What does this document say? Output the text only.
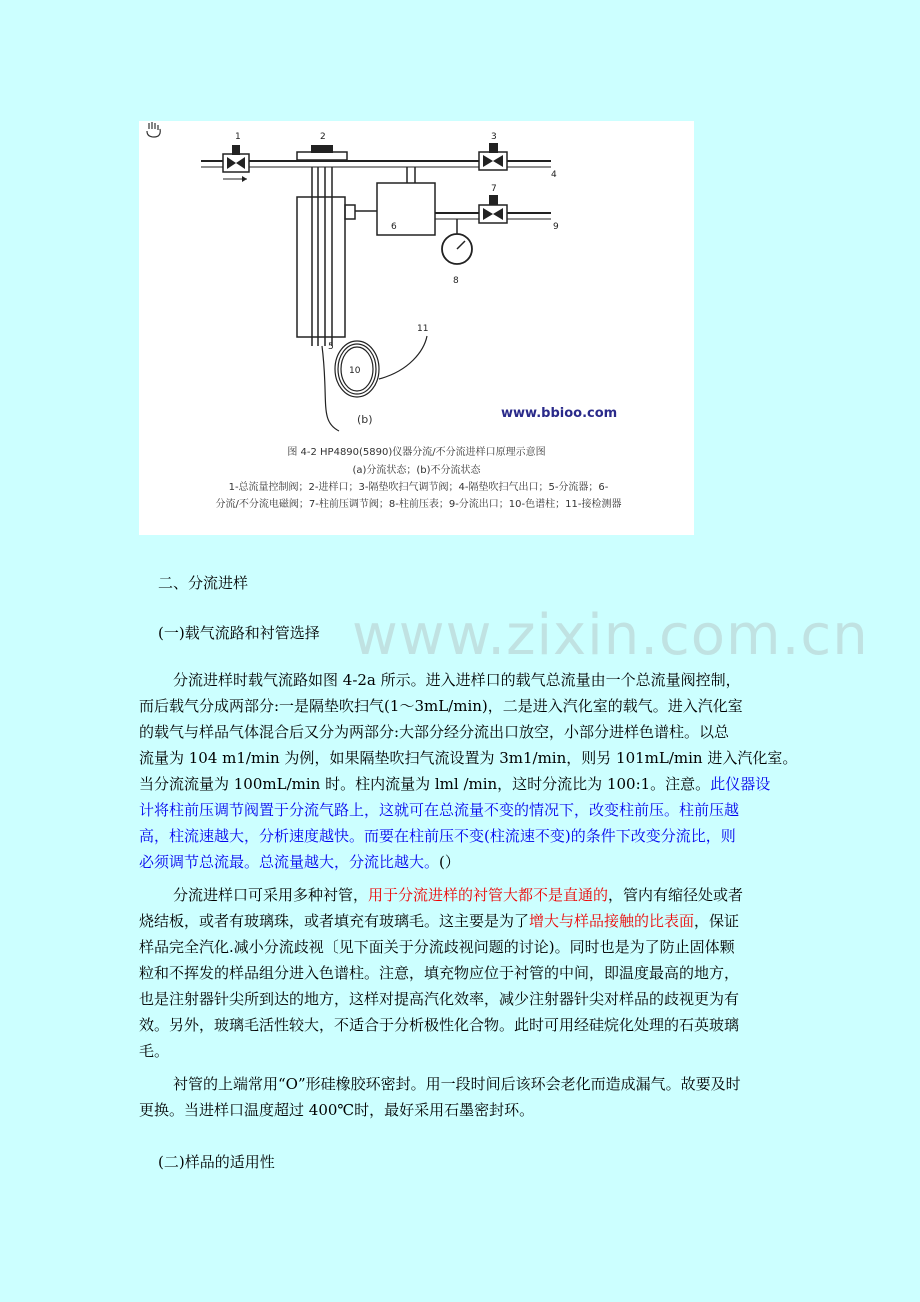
1	2	3
4
5
6
7
8
9
10
11
(b)	www.bbioo.com
图 4-2 HP4890(5890)仪器分流/不分流进样口原理示意图
(a)分流状态；(b)不分流状态
1-总流量控制阀；2-进样口；3-隔垫吹扫气调节阀；4-隔垫吹扫气出口；5-分流器；6-
分流/不分流电磁阀；7-柱前压调节阀；8-柱前压表；9-分流出口；10-色谱柱；11-接检测器
www.zixin.com.cn
二、分流进样
(一)载气流路和衬管选择
分流进样时载气流路如图 4-2a 所示。进入进样口的载气总流量由一个总流量阀控制，
而后载气分成两部分:一是隔垫吹扫气(1～3mL/min)，二是进入汽化室的载气。进入汽化室
的载气与样品气体混合后又分为两部分:大部分经分流出口放空，小部分进样色谱柱。以总
流量为 104 m1/min 为例，如果隔垫吹扫气流设置为 3m1/min，则另 101mL/min 进入汽化室。
当分流流量为 100mL/min 时。柱内流量为 lml /min，这时分流比为 100:1。注意。此仪器设
计将柱前压调节阀置于分流气路上，这就可在总流量不变的情况下，改变柱前压。柱前压越
高，柱流速越大，分析速度越快。而要在柱前压不变(柱流速不变)的条件下改变分流比，则
必须调节总流最。总流量越大，分流比越大。(）
分流进样口可采用多种衬管，用于分流进样的衬管大都不是直通的，管内有缩径处或者
烧结板，或者有玻璃珠，或者填充有玻璃毛。这主要是为了增大与样品接触的比表面，保证
样品完全汽化.减小分流歧视〔见下面关于分流歧视问题的讨论)。同时也是为了防止固体颗
粒和不挥发的样品组分进入色谱柱。注意，填充物应位于衬管的中间，即温度最高的地方，
也是注射器针尖所到达的地方，这样对提高汽化效率，减少注射器针尖对样品的歧视更为有
效。另外，玻璃毛活性较大，不适合于分析极性化合物。此时可用经硅烷化处理的石英玻璃
毛。
衬管的上端常用“O”形硅橡胶环密封。用一段时间后该环会老化而造成漏气。故要及时
更换。当进样口温度超过 400℃时，最好采用石墨密封环。
(二)样品的适用性
